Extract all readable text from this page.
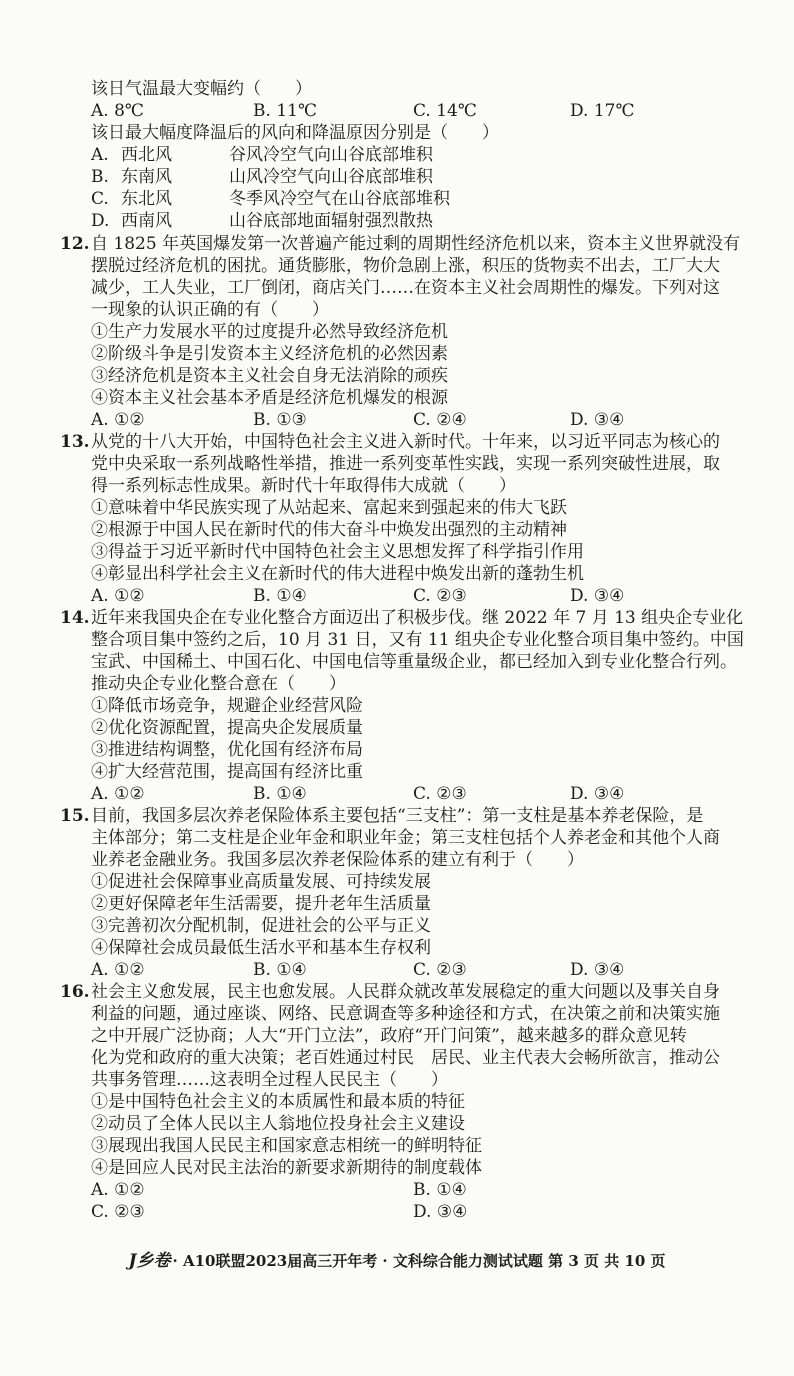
该日气温最大变幅约（　　）
A. 8℃	B. 11℃	C. 14℃	D. 17℃
该日最大幅度降温后的风向和降温原因分别是（　　）
A. 西北风	谷风冷空气向山谷底部堆积
B. 东南风	山风冷空气向山谷底部堆积
C. 东北风	冬季风冷空气在山谷底部堆积
D. 西南风	山谷底部地面辐射强烈散热
12. 自 1825 年英国爆发第一次普遍产能过剩的周期性经济危机以来，资本主义世界就没有
摆脱过经济危机的困扰。通货膨胀，物价急剧上涨，积压的货物卖不出去，工厂大大
减少，工人失业，工厂倒闭，商店关门……在资本主义社会周期性的爆发。下列对这
一现象的认识正确的有（　　）
①生产力发展水平的过度提升必然导致经济危机
②阶级斗争是引发资本主义经济危机的必然因素
③经济危机是资本主义社会自身无法消除的顽疾
④资本主义社会基本矛盾是经济危机爆发的根源
A. ①②	B. ①③	C. ②④	D. ③④
13. 从党的十八大开始，中国特色社会主义进入新时代。十年来，以习近平同志为核心的
党中央采取一系列战略性举措，推进一系列变革性实践，实现一系列突破性进展，取
得一系列标志性成果。新时代十年取得伟大成就（　　）
①意味着中华民族实现了从站起来、富起来到强起来的伟大飞跃
②根源于中国人民在新时代的伟大奋斗中焕发出强烈的主动精神
③得益于习近平新时代中国特色社会主义思想发挥了科学指引作用
④彰显出科学社会主义在新时代的伟大进程中焕发出新的蓬勃生机
A. ①②	B. ①④	C. ②③	D. ③④
14. 近年来我国央企在专业化整合方面迈出了积极步伐。继 2022 年 7 月 13 组央企专业化
整合项目集中签约之后，10 月 31 日，又有 11 组央企专业化整合项目集中签约。中国
宝武、中国稀土、中国石化、中国电信等重量级企业，都已经加入到专业化整合行列。
推动央企专业化整合意在（　　）
①降低市场竞争，规避企业经营风险
②优化资源配置，提高央企发展质量
③推进结构调整，优化国有经济布局
④扩大经营范围，提高国有经济比重
A. ①②	B. ①④	C. ②③	D. ③④
15. 目前，我国多层次养老保险体系主要包括“三支柱”：第一支柱是基本养老保险，是
主体部分；第二支柱是企业年金和职业年金；第三支柱包括个人养老金和其他个人商
业养老金融业务。我国多层次养老保险体系的建立有利于（　　）
①促进社会保障事业高质量发展、可持续发展
②更好保障老年生活需要，提升老年生活质量
③完善初次分配机制，促进社会的公平与正义
④保障社会成员最低生活水平和基本生存权利
A. ①②	B. ①④	C. ②③	D. ③④
16. 社会主义愈发展，民主也愈发展。人民群众就改革发展稳定的重大问题以及事关自身
利益的问题，通过座谈、网络、民意调查等多种途径和方式，在决策之前和决策实施
之中开展广泛协商；人大“开门立法”，政府“开门问策”，越来越多的群众意见转
化为党和政府的重大决策；老百姓通过村民　居民、业主代表大会畅所欲言，推动公
共事务管理……这表明全过程人民民主（　　）
①是中国特色社会主义的本质属性和最本质的特征
②动员了全体人民以主人翁地位投身社会主义建设
③展现出我国人民民主和国家意志相统一的鲜明特征
④是回应人民对民主法治的新要求新期待的制度载体
A. ①②	B. ①④
C. ②③	D. ③④
J乡卷 · A10联盟2023届高三开年考 · 文科综合能力测试试题 第 3 页 共 10 页
